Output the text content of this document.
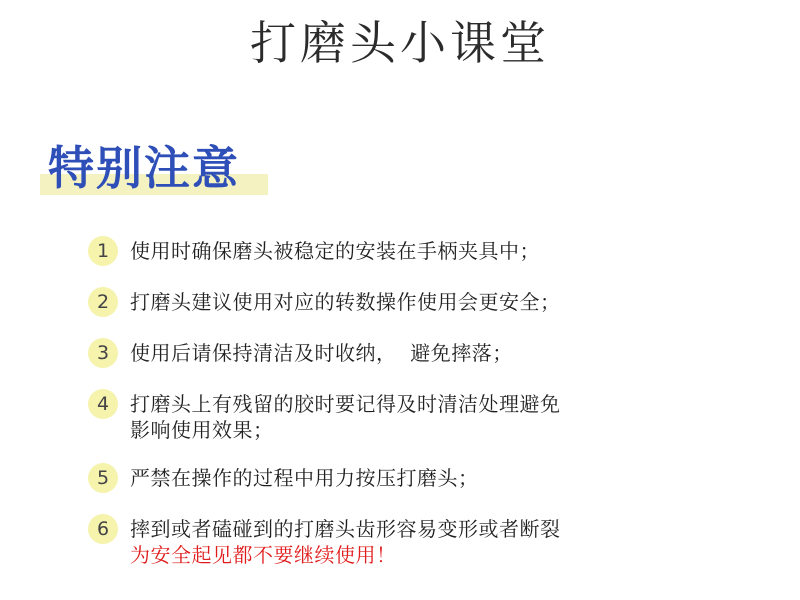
打磨头小课堂
特别注意
1	使用时确保磨头被稳定的安装在手柄夹具中；
2	打磨头建议使用对应的转数操作使用会更安全；
3	使用后请保持清洁及时收纳，  避免摔落；
4	打磨头上有残留的胶时要记得及时清洁处理避免
影响使用效果；
5	严禁在操作的过程中用力按压打磨头；
6	摔到或者磕碰到的打磨头齿形容易变形或者断裂
为安全起见都不要继续使用！
